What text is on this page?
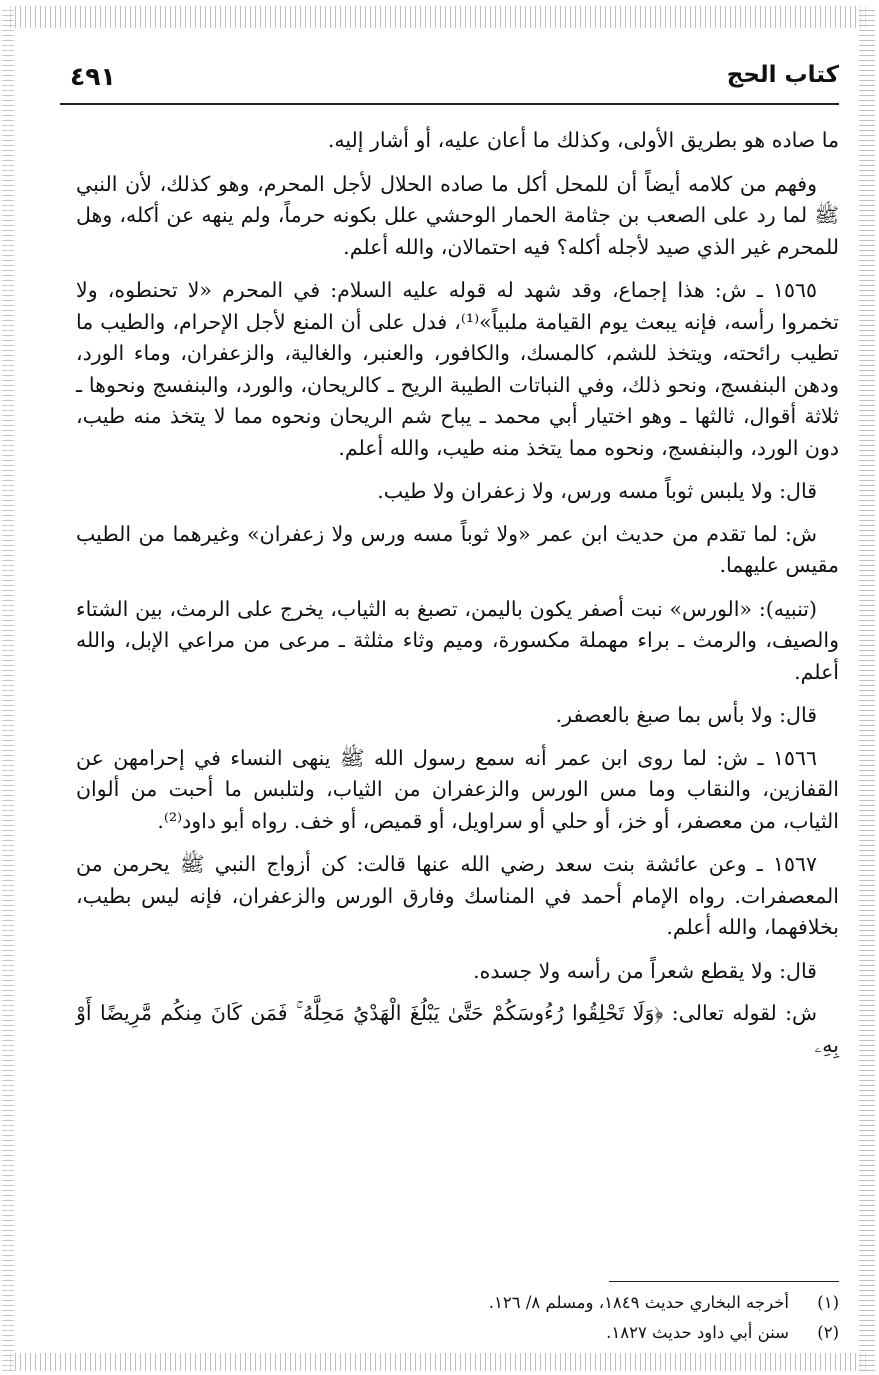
كتاب الحج
٤٩١

ما صاده هو بطريق الأولى، وكذلك ما أعان عليه، أو أشار إليه.

وفهم من كلامه أيضاً أن للمحل أكل ما صاده الحلال لأجل المحرم، وهو كذلك، لأن النبي ﷺ لما رد على الصعب بن جثامة الحمار الوحشي علل بكونه حرماً، ولم ينهه عن أكله، وهل للمحرم غير الذي صيد لأجله أكله؟ فيه احتمالان، والله أعلم.

١٥٦٥ ـ ش: هذا إجماع، وقد شهد له قوله عليه السلام: في المحرم «لا تحنطوه، ولا تخمروا رأسه، فإنه يبعث يوم القيامة ملبياً»⁽¹⁾، فدل على أن المنع لأجل الإحرام، والطيب ما تطيب رائحته، ويتخذ للشم، كالمسك، والكافور، والعنبر، والغالية، والزعفران، وماء الورد، ودهن البنفسج، ونحو ذلك، وفي النباتات الطيبة الريح ـ كالريحان، والورد، والبنفسج ونحوها ـ ثلاثة أقوال، ثالثها ـ وهو اختيار أبي محمد ـ يباح شم الريحان ونحوه مما لا يتخذ منه طيب، دون الورد، والبنفسج، ونحوه مما يتخذ منه طيب، والله أعلم.

قال: ولا يلبس ثوباً مسه ورس، ولا زعفران ولا طيب.

ش: لما تقدم من حديث ابن عمر «ولا ثوباً مسه ورس ولا زعفران» وغيرهما من الطيب مقيس عليهما.

(تنبيه): «الورس» نبت أصفر يكون باليمن، تصبغ به الثياب، يخرج على الرمث، بين الشتاء والصيف، والرمث ـ براء مهملة مكسورة، وميم وثاء مثلثة ـ مرعى من مراعي الإبل، والله أعلم.

قال: ولا بأس بما صبغ بالعصفر.

١٥٦٦ ـ ش: لما روى ابن عمر أنه سمع رسول الله ﷺ ينهى النساء في إحرامهن عن القفازين، والنقاب وما مس الورس والزعفران من الثياب، ولتلبس ما أحبت من ألوان الثياب، من معصفر، أو خز، أو حلي أو سراويل، أو قميص، أو خف. رواه أبو داود⁽²⁾.

١٥٦٧ ـ وعن عائشة بنت سعد رضي الله عنها قالت: كن أزواج النبي ﷺ يحرمن من المعصفرات. رواه الإمام أحمد في المناسك وفارق الورس والزعفران، فإنه ليس بطيب، بخلافهما، والله أعلم.

قال: ولا يقطع شعراً من رأسه ولا جسده.

ش: لقوله تعالى: ﴿وَلَا تَحْلِقُوا رُءُوسَكُمْ حَتَّىٰ يَبْلُغَ الْهَدْيُ مَحِلَّهُ ۚ فَمَن كَانَ مِنكُم مَّرِيضًا أَوْ بِهِۦ

(١)
أخرجه البخاري حديث ١٨٤٩، ومسلم ٨/ ١٢٦.
(٢)
سنن أبي داود حديث ١٨٢٧.
